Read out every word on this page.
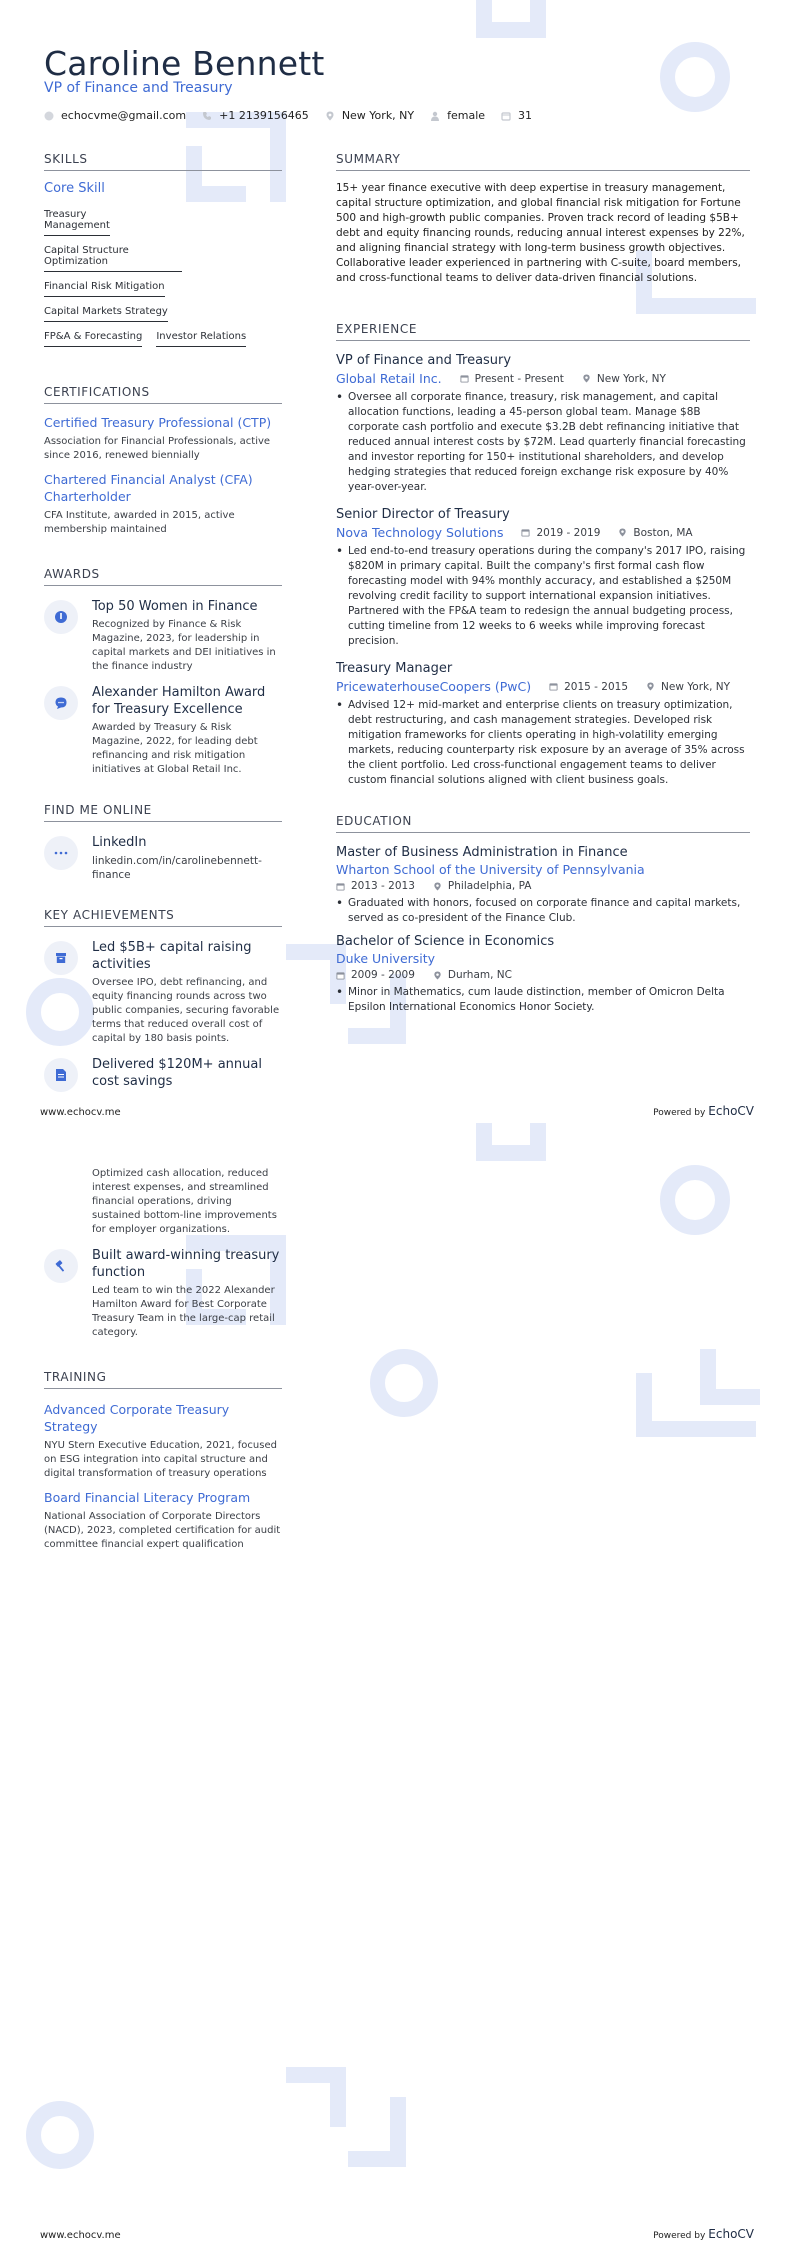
Caroline Bennett
VP of Finance and Treasury
echocvme@gmail.com	+1 2139156465	New York, NY	female	31
SKILLS
Core Skill
Treasury Management
Capital Structure Optimization
Financial Risk Mitigation
Capital Markets Strategy
FP&A & Forecasting Investor Relations
CERTIFICATIONS
Certified Treasury Professional (CTP)
Association for Financial Professionals, active since 2016, renewed biennially
Chartered Financial Analyst (CFA) Charterholder
CFA Institute, awarded in 2015, active membership maintained
AWARDS
Top 50 Women in Finance
Recognized by Finance & Risk Magazine, 2023, for leadership in capital markets and DEI initiatives in the finance industry
Alexander Hamilton Award for Treasury Excellence
Awarded by Treasury & Risk Magazine, 2022, for leading debt refinancing and risk mitigation initiatives at Global Retail Inc.
FIND ME ONLINE
LinkedIn
linkedin.com/in/carolinebennett-finance
KEY ACHIEVEMENTS
Led $5B+ capital raising activities
Oversee IPO, debt refinancing, and equity financing rounds across two public companies, securing favorable terms that reduced overall cost of capital by 180 basis points.
Delivered $120M+ annual cost savings
SUMMARY
15+ year finance executive with deep expertise in treasury management, capital structure optimization, and global financial risk mitigation for Fortune 500 and high-growth public companies. Proven track record of leading $5B+ debt and equity financing rounds, reducing annual interest expenses by 22%, and aligning financial strategy with long-term business growth objectives. Collaborative leader experienced in partnering with C-suite, board members, and cross-functional teams to deliver data-driven financial solutions.
EXPERIENCE
VP of Finance and Treasury
Global Retail Inc.	Present - Present	New York, NY
• Oversee all corporate finance, treasury, risk management, and capital allocation functions, leading a 45-person global team. Manage $8B corporate cash portfolio and execute $3.2B debt refinancing initiative that reduced annual interest costs by $72M. Lead quarterly financial forecasting and investor reporting for 150+ institutional shareholders, and develop hedging strategies that reduced foreign exchange risk exposure by 40% year-over-year.
Senior Director of Treasury
Nova Technology Solutions	2019 - 2019	Boston, MA
• Led end-to-end treasury operations during the company's 2017 IPO, raising $820M in primary capital. Built the company's first formal cash flow forecasting model with 94% monthly accuracy, and established a $250M revolving credit facility to support international expansion initiatives. Partnered with the FP&A team to redesign the annual budgeting process, cutting timeline from 12 weeks to 6 weeks while improving forecast precision.
Treasury Manager
PricewaterhouseCoopers (PwC)	2015 - 2015	New York, NY
• Advised 12+ mid-market and enterprise clients on treasury optimization, debt restructuring, and cash management strategies. Developed risk mitigation frameworks for clients operating in high-volatility emerging markets, reducing counterparty risk exposure by an average of 35% across the client portfolio. Led cross-functional engagement teams to deliver custom financial solutions aligned with client business goals.
EDUCATION
Master of Business Administration in Finance
Wharton School of the University of Pennsylvania
2013 - 2013	Philadelphia, PA
• Graduated with honors, focused on corporate finance and capital markets, served as co-president of the Finance Club.
Bachelor of Science in Economics
Duke University
2009 - 2009	Durham, NC
• Minor in Mathematics, cum laude distinction, member of Omicron Delta Epsilon International Economics Honor Society.
www.echocv.me	Powered by EchoCV
Optimized cash allocation, reduced interest expenses, and streamlined financial operations, driving sustained bottom-line improvements for employer organizations.
Built award-winning treasury function
Led team to win the 2022 Alexander Hamilton Award for Best Corporate Treasury Team in the large-cap retail category.
TRAINING
Advanced Corporate Treasury Strategy
NYU Stern Executive Education, 2021, focused on ESG integration into capital structure and digital transformation of treasury operations
Board Financial Literacy Program
National Association of Corporate Directors (NACD), 2023, completed certification for audit committee financial expert qualification
www.echocv.me	Powered by EchoCV
